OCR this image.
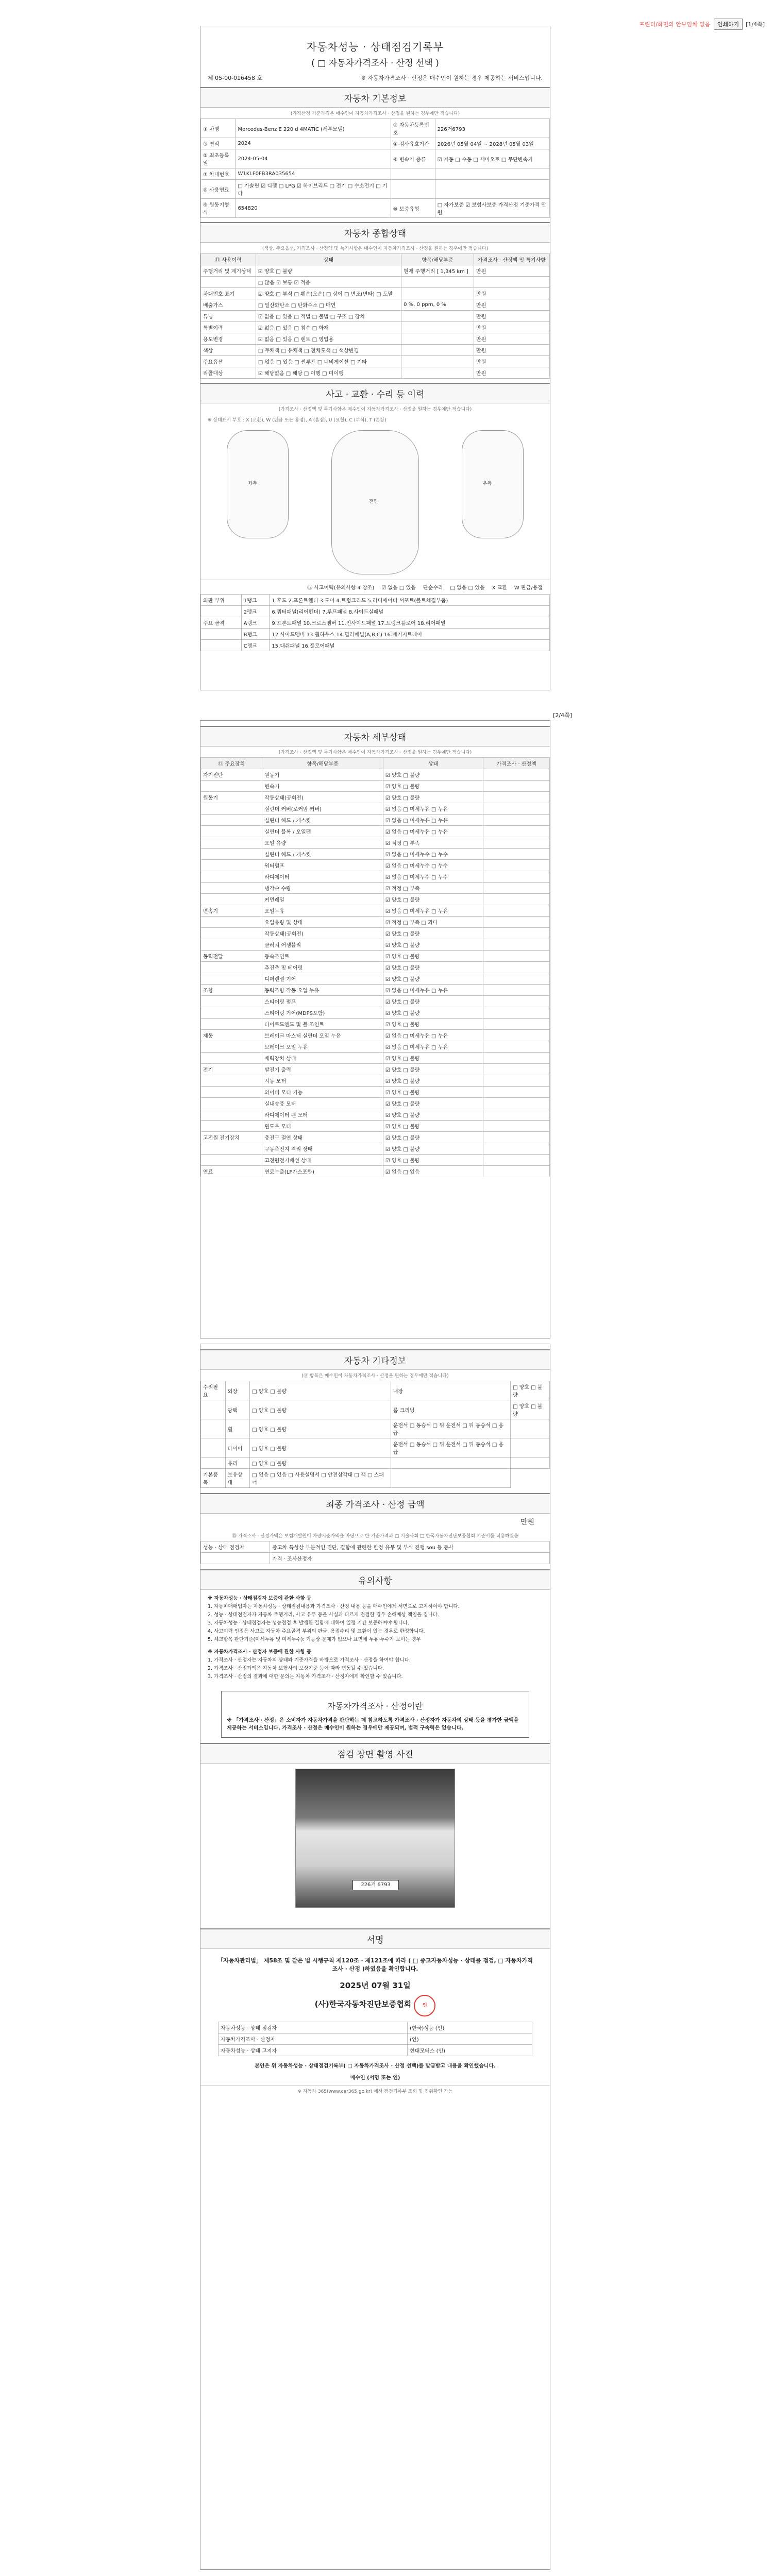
프린터/화면의 안보임체 없음	인쇄하기	[1/4쪽]
자동차성능 · 상태점검기록부
( □ 자동차가격조사 · 산정 선택 )
제 05-00-016458 호	※ 자동차가격조사 · 산정은 매수인이 원하는 경우 제공하는 서비스입니다.
자동차 기본정보
(가격산정 기준가격은 매수인이 자동차가격조사 · 산정을 원하는 경우에만 적습니다)
① 차명	Mercedes-Benz E 220 d 4MATIC (세부모델)	② 자동차등록번호	226거6793
③ 연식	2024	④ 검사유효기간	2026년 05월 04일 ~ 2028년 05월 03일
⑤ 최초등록일	2024-05-04	⑥ 변속기 종류	☑ 자동 □ 수동 □ 세미오토 □ 무단변속기
⑦ 차대번호	W1KLF0FB3RA035654		
⑧ 사용연료	□ 가솔린 ☑ 디젤 □ LPG ☑ 하이브리드 □ 전기 □ 수소전기 □ 기타		
⑨ 원동기형식	654820	⑩ 보증유형	□ 자가보증 ☑ 보험사보증 가격산정 기준가격 만원
자동차 종합상태
(색상, 주요옵션, 가격조사 · 산정액 및 특기사항은 매수인이 자동차가격조사 · 산정을 원하는 경우에만 적습니다)
⑪ 사용이력	상태	항목/해당부품	가격조사 · 산정액 및 특기사항
주행거리 및 계기상태	☑ 양호 □ 불량	현재 주행거리 [ 1,345 km ]	만원
	□ 많음 ☑ 보통 ☑ 적음		
차대번호 표기	☑ 양호 □ 부식 □ 훼손(오손) □ 상이 □ 변조(변타) □ 도말		만원
배출가스	□ 일산화탄소 □ 탄화수소 □ 매연	0 %, 0 ppm, 0 %	만원
튜닝	☑ 없음 □ 있음 □ 적법 □ 불법 □ 구조 □ 장치		만원
특별이력	☑ 없음 □ 있음 □ 침수 □ 화재		만원
용도변경	☑ 없음 □ 있음 □ 렌트 □ 영업용		만원
색상	□ 무채색 □ 유채색 □ 전체도색 □ 색상변경		만원
주요옵션	□ 없음 □ 있음 □ 썬루프 □ 네비게이션 □ 기타		만원
리콜대상	☑ 해당없음 □ 해당 □ 이행 □ 미이행		만원
사고 · 교환 · 수리 등 이력
(가격조사 · 산정액 및 특기사항은 매수인이 자동차가격조사 · 산정을 원하는 경우에만 적습니다)
※ 상태표시 부호 : X (교환), W (판금 또는 용접), A (흠집), U (요철), C (부식), T (손상)
좌측
전면
우측
⑫ 사고이력(유의사항 4 참조) ☑ 없음 □ 있음 단순수리 □ 없음 □ 있음 X 교환 W 판금/용접
외판 부위	1랭크	1.후드 2.프론트휀더 3.도어 4.트렁크리드 5.라디에이터 서포트(볼트체결부품)
	2랭크	6.쿼터패널(리어펜더) 7.루프패널 8.사이드실패널
주요 골격	A랭크	9.프론트패널 10.크로스멤버 11.인사이드패널 17.트렁크플로어 18.리어패널
	B랭크	12.사이드멤버 13.휠하우스 14.필러패널(A,B,C) 16.패키지트레이
	C랭크	15.대쉬패널 16.플로어패널
[2/4쪽]
자동차 세부상태
(가격조사 · 산정액 및 특기사항은 매수인이 자동차가격조사 · 산정을 원하는 경우에만 적습니다)
⑬ 주요장치	항목/해당부품	상태	가격조사 · 산정액
자기진단	원동기	☑ 양호 □ 불량	
	변속기	☑ 양호 □ 불량	
원동기	작동상태(공회전)	☑ 양호 □ 불량	
	실린더 커버(로커암 커버)	☑ 없음 □ 미세누유 □ 누유	
	실린더 헤드 / 개스킷	☑ 없음 □ 미세누유 □ 누유	
	실린더 블록 / 오일팬	☑ 없음 □ 미세누유 □ 누유	
	오일 유량	☑ 적정 □ 부족	
	실린더 헤드 / 개스킷	☑ 없음 □ 미세누수 □ 누수	
	워터펌프	☑ 없음 □ 미세누수 □ 누수	
	라디에이터	☑ 없음 □ 미세누수 □ 누수	
	냉각수 수량	☑ 적정 □ 부족	
	커먼레일	☑ 양호 □ 불량	
변속기	오일누유	☑ 없음 □ 미세누유 □ 누유	
	오일유량 및 상태	☑ 적정 □ 부족 □ 과다	
	작동상태(공회전)	☑ 양호 □ 불량	
	클러치 어셈블리	☑ 양호 □ 불량	
동력전달	등속조인트	☑ 양호 □ 불량	
	추진축 및 베어링	☑ 양호 □ 불량	
	디퍼렌셜 기어	☑ 양호 □ 불량	
조향	동력조향 작동 오일 누유	☑ 없음 □ 미세누유 □ 누유	
	스티어링 펌프	☑ 양호 □ 불량	
	스티어링 기어(MDPS포함)	☑ 양호 □ 불량	
	타이로드엔드 및 볼 조인트	☑ 양호 □ 불량	
제동	브레이크 마스터 실린더 오일 누유	☑ 없음 □ 미세누유 □ 누유	
	브레이크 오일 누유	☑ 없음 □ 미세누유 □ 누유	
	배력장치 상태	☑ 양호 □ 불량	
전기	발전기 출력	☑ 양호 □ 불량	
	시동 모터	☑ 양호 □ 불량	
	와이퍼 모터 기능	☑ 양호 □ 불량	
	실내송풍 모터	☑ 양호 □ 불량	
	라디에이터 팬 모터	☑ 양호 □ 불량	
	윈도우 모터	☑ 양호 □ 불량	
고전원 전기장치	충전구 절연 상태	☑ 양호 □ 불량	
	구동축전지 격리 상태	☑ 양호 □ 불량	
	고전원전기배선 상태	☑ 양호 □ 불량	
연료	연료누출(LP가스포함)	☑ 없음 □ 있음	
자동차 기타정보
(⑭ 항목은 매수인이 자동차가격조사 · 산정을 원하는 경우에만 적습니다)
수리필요	외장	□ 양호 □ 불량	내장	□ 양호 □ 불량
	광택	□ 양호 □ 불량	룸 크리닝	□ 양호 □ 불량
	휠	□ 양호 □ 불량	운전석 □ 동승석 □ 뒤 운전석 □ 뒤 동승석 □ 응급	
	타이어	□ 양호 □ 불량	운전석 □ 동승석 □ 뒤 운전석 □ 뒤 동승석 □ 응급	
	유리	□ 양호 □ 불량		
기본품목	보유상태	□ 없음 □ 있음 □ 사용설명서 □ 안전삼각대 □ 잭 □ 스패너		
최종 가격조사 · 산정 금액
만원
⑮ 가격조사 · 산정가액은 보험개발원이 차량기준가액을 바탕으로 한 기준가격과 □ 기술사회 □ 한국자동차진단보증협회 기준서를 적용하였음
성능 · 상태 점검자	중고차 특성상 부분적인 진단, 결함에 관련한 한정 유무 및 부식 진행 sou 등 등사
	가격 · 조사산정자
유의사항

※ 자동차성능 · 상태점검자 보증에 관한 사항 등

1. 자동차매매업자는 자동차성능 · 상태점검내용과 가격조사 · 산정 내용 등을 매수인에게 서면으로 고지하여야 합니다.

2. 성능 · 상태점검자가 자동차 주행거리, 사고 유무 등을 사실과 다르게 점검한 경우 손해배상 책임을 집니다.

3. 자동차성능 · 상태점검자는 성능점검 후 발생한 결함에 대하여 일정 기간 보증하여야 합니다.

4. 사고이력 인정은 사고로 자동차 주요골격 부위의 판금, 용접수리 및 교환이 있는 경우로 한정합니다.

5. 체크항목 판단기준(미세누유 및 미세누수): 기능상 문제가 없으나 표면에 누유·누수가 보이는 경우

※ 자동차가격조사 · 산정자 보증에 관한 사항 등

1. 가격조사 · 산정자는 자동차의 상태와 기준가격을 바탕으로 가격조사 · 산정을 하여야 합니다.

2. 가격조사 · 산정가액은 자동차 보험사의 보상기준 등에 따라 변동될 수 있습니다.

3. 가격조사 · 산정의 결과에 대한 문의는 자동차 가격조사 · 산정자에게 확인할 수 있습니다.

자동차가격조사 · 산정이란

※ 「가격조사 · 산정」은 소비자가 자동차가격을 판단하는 데 참고하도록 가격조사 · 산정자가 자동차의 상태 등을 평가한 금액을 제공하는 서비스입니다. 가격조사 · 산정은 매수인이 원하는 경우에만 제공되며, 법적 구속력은 없습니다.

점검 장면 촬영 사진
226거 6793
서명
「자동차관리법」 제58조 및 같은 법 시행규칙 제120조 · 제121조에 따라 ( □ 중고자동차성능 · 상태를 점검, □ 자동차가격조사 · 산정 )하였음을 확인합니다.
2025년 07월 31일
(사)한국자동차진단보증협회 인
자동차성능 · 상태 점검자	(한국)성능 (인)
자동차가격조사 · 산정자	(인)
자동차성능 · 상태 고지자	현대모터스 (인)
본인은 위 자동차성능 · 상태점검기록부( □ 자동차가격조사 · 산정 선택)를 발급받고 내용을 확인했습니다.
매수인 (서명 또는 인)
※ 자동차 365(www.car365.go.kr) 에서 점검기록부 조회 및 진위확인 가능
